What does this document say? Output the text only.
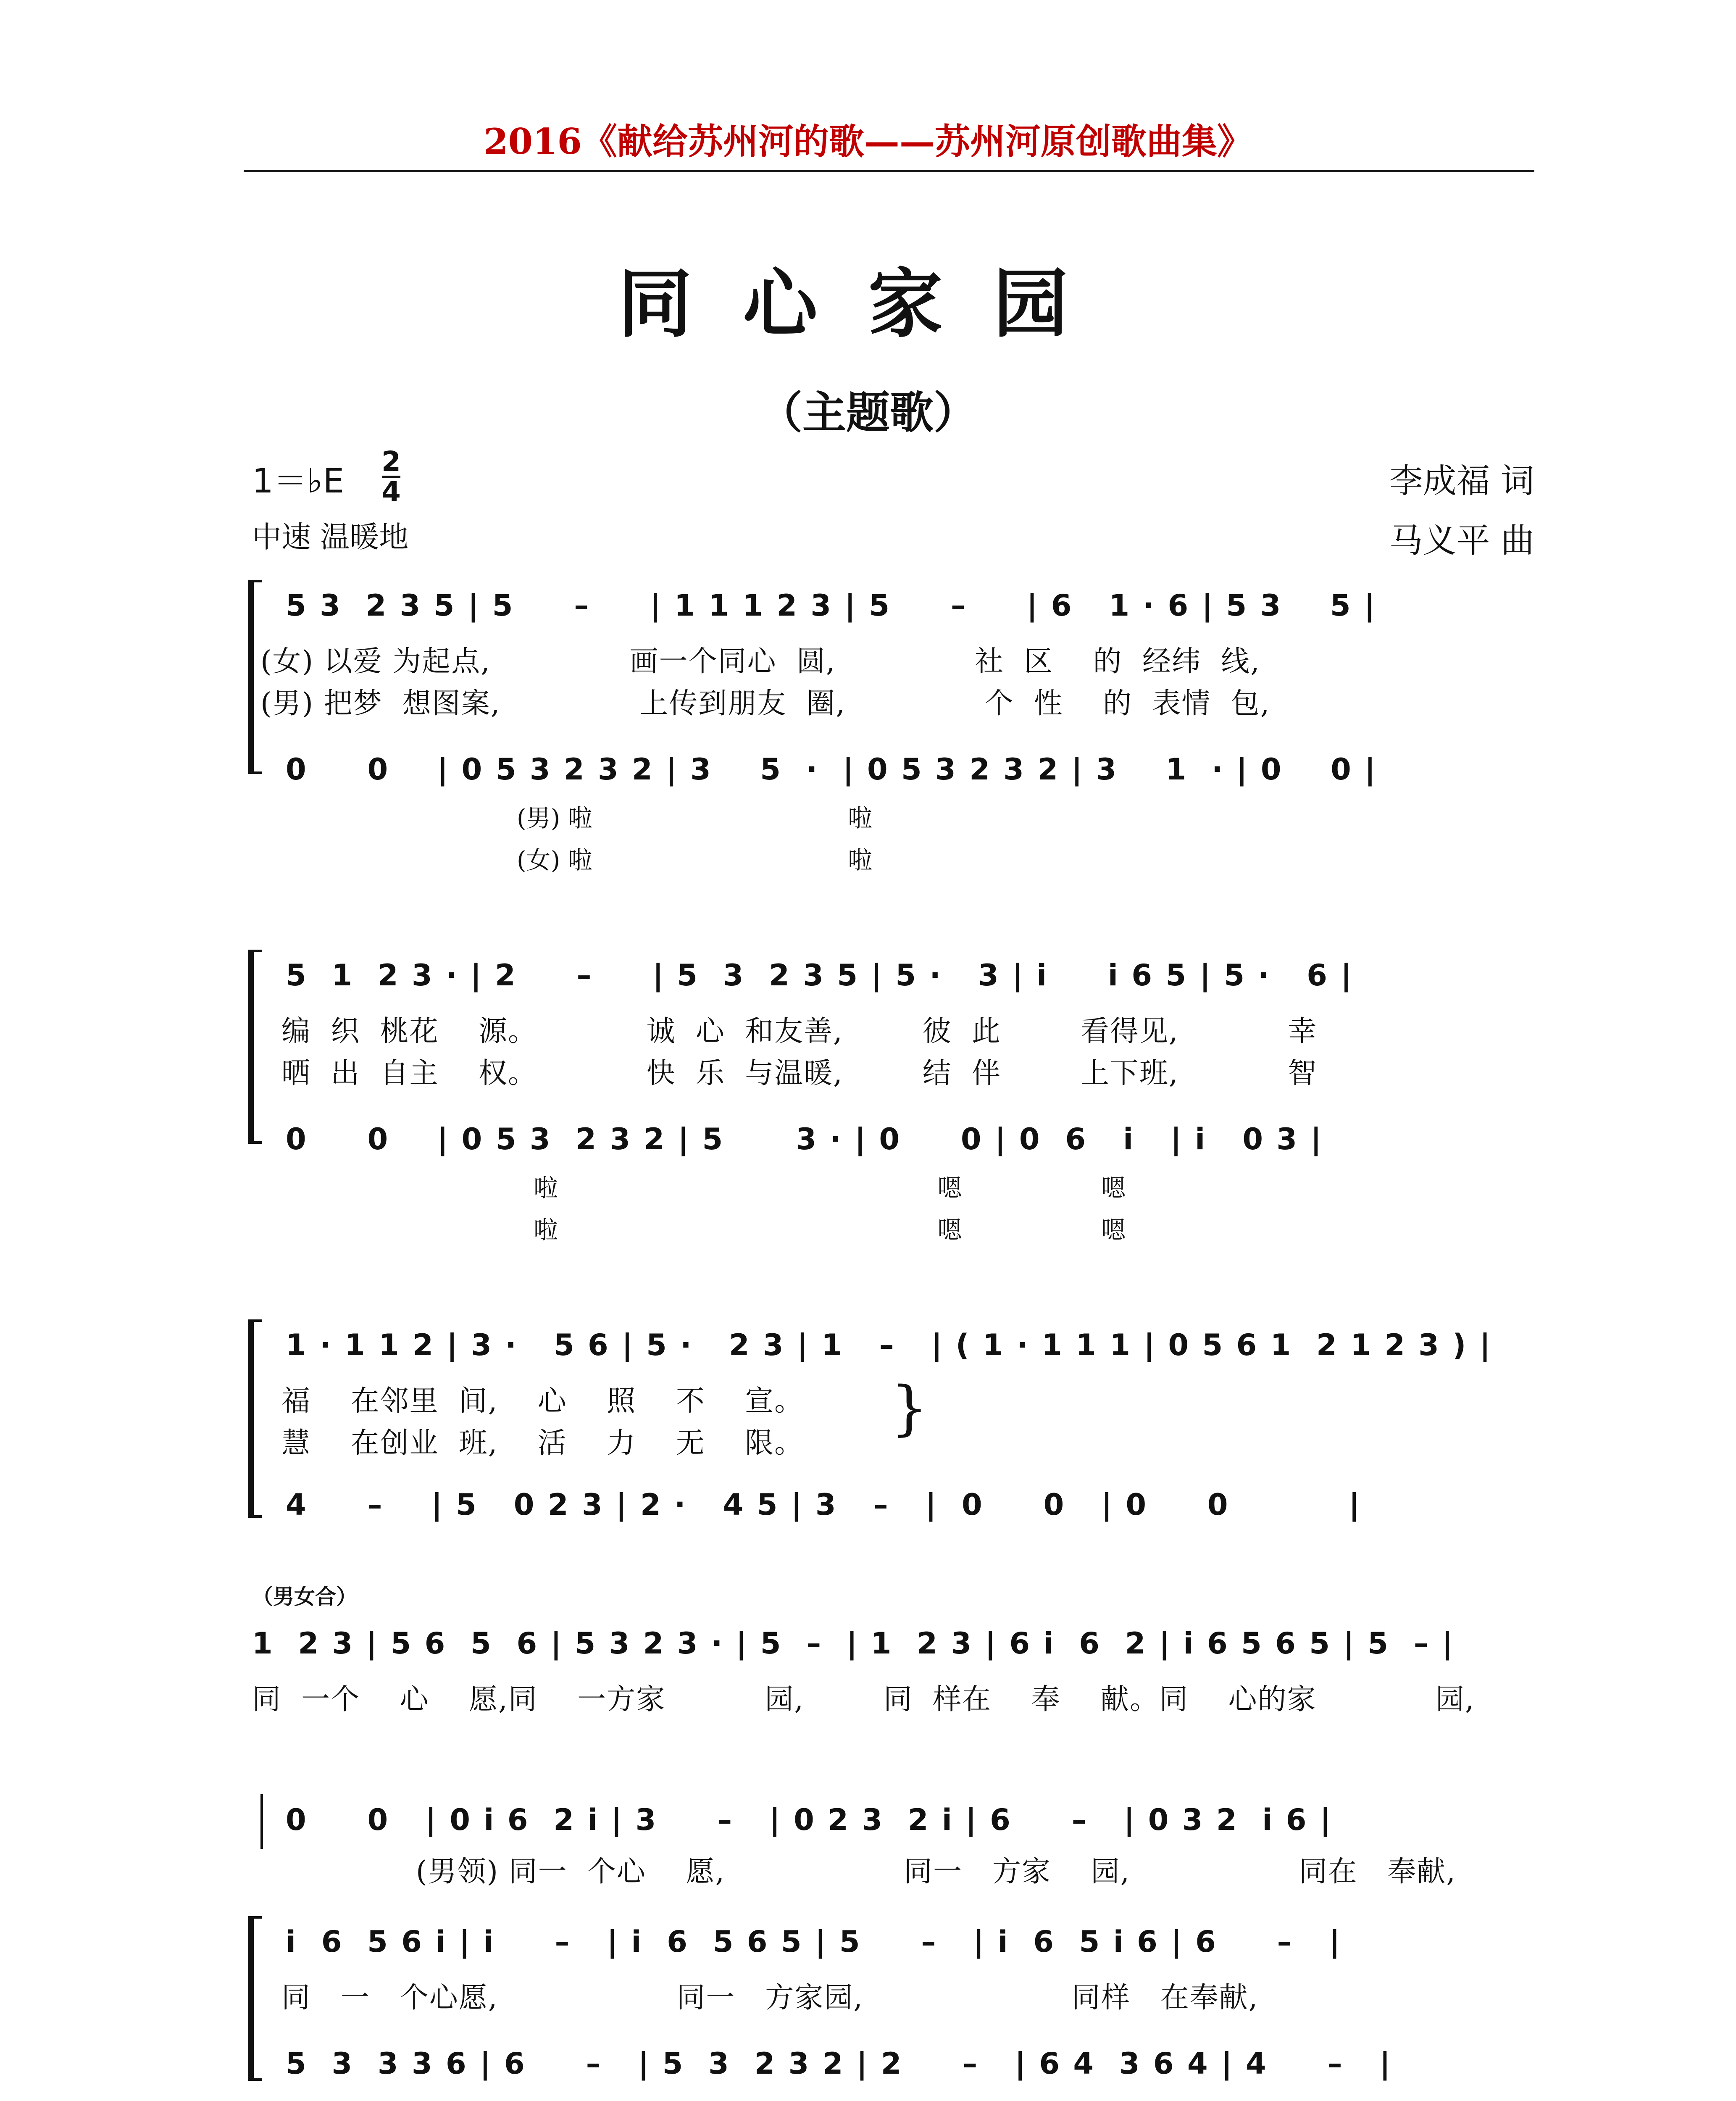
2016《献给苏州河的歌——苏州河原创歌曲集》
同心家园
（主题歌）
1＝♭E 2
4
中速 温暖地
李成福 词
马义平 曲
5 3  2 3 5 | 5     –     | 1 1 1 2 3 | 5     –     | 6   1 · 6 | 5 3    5 |
(女) 以爱 为起点,              画一个同心  圆,              社  区    的  经纬  线,
(男) 把梦  想图案,              上传到朋友  圈,              个  性    的  表情  包,
0     0    | 0 5 3 2 3 2 | 3    5  ·  | 0 5 3 2 3 2 | 3    1  · | 0    0 |
(男) 啦                                 啦
(女) 啦                                 啦
5  1  2 3 · | 2     –     | 5  3  2 3 5 | 5 ·   3 | i     i 6 5 | 5 ·   6 |
编  织  桃花    源。           诚  心  和友善,        彼  此        看得见,           幸
晒  出  自主    权。           快  乐  与温暖,        结  伴        上下班,           智
0     0    | 0 5 3  2 3 2 | 5      3 · | 0     0 | 0  6   i   | i   0 3 |
啦                                                 嗯                  嗯
啦                                                 嗯                  嗯
1 · 1 1 2 | 3 ·   5 6 | 5 ·   2 3 | 1   –   | ( 1 · 1 1 1 | 0 5 6 1  2 1 2 3 ) |
福    在邻里  间,    心    照    不    宣。
慧    在创业  班,    活    力    无    限。
}
4     –    | 5   0 2 3 | 2 ·   4 5 | 3   –   |  0     0   | 0     0          |
（男女合）
1  2 3 | 5 6  5  6 | 5 3 2 3 · | 5  –  | 1  2 3 | 6 i  6  2 | i 6 5 6 5 | 5  – |
同  一个    心    愿,同    一方家          园,        同  样在    奉    献。同    心的家            园,
0     0   | 0 i 6  2 i | 3     –   | 0 2 3  2 i | 6     –   | 0 3 2  i 6 |
(男领) 同一  个心    愿,                  同一   方家    园,                 同在   奉献,
i  6  5 6 i | i     –   | i  6  5 6 5 | 5     –   | i  6  5 i 6 | 6     –   |
同   一   个心愿,                  同一   方家园,                     同样   在奉献,
5  3  3 3 6 | 6     –   | 5  3  2 3 2 | 2     –   | 6 4  3 6 4 | 4     –   |
